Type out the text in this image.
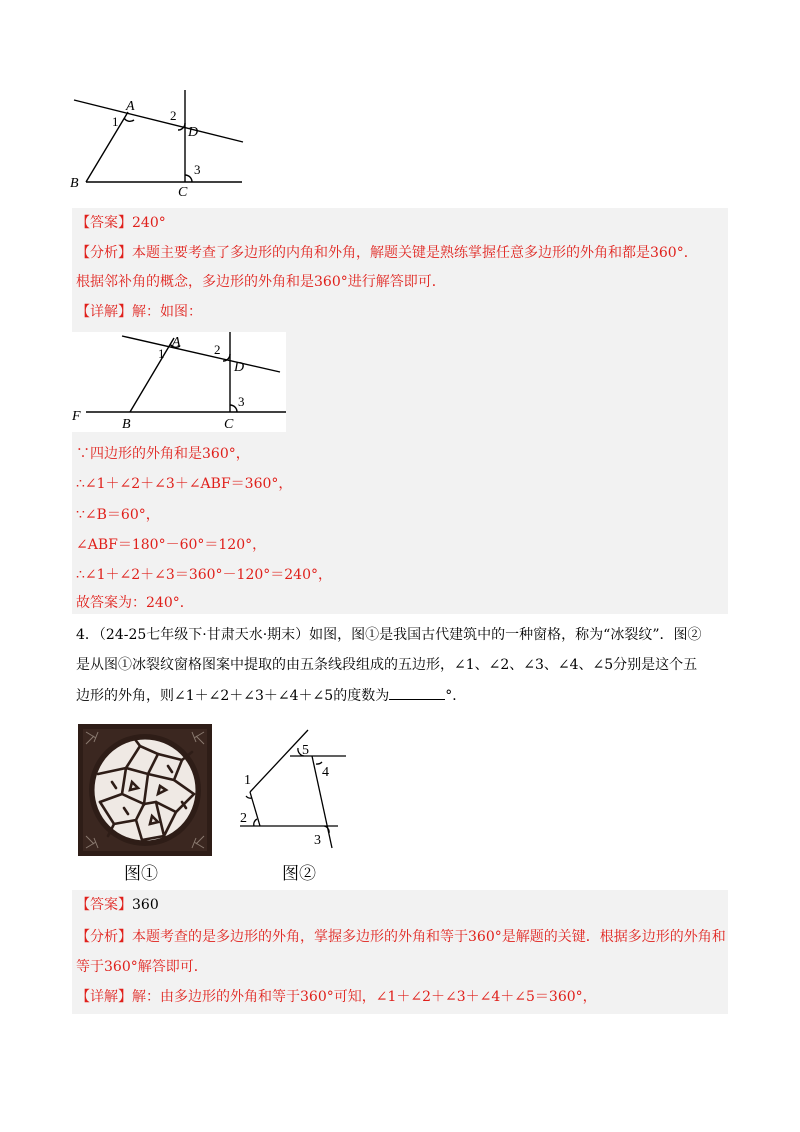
A
D
B
C
1	2
3
【答案】240°
【分析】 本题主要考查了多边形的内角和外角，解题关键是熟练掌握任意多边形的外角和都是360°．
根据邻补角的概念，多边形的外角和是360°进行解答即可．
【详解】解：如图：
A
D
F
B	C
1	2
3
∵四边形的外角和是360°，
∴∠1＋∠2＋∠3＋∠ABF＝360°，
∵∠B＝60°，
∠ABF＝180°－60°＝120°，
∴∠1＋∠2＋∠3＝360°－120°＝240°，
故答案为：240°．
4．（24-25七年级下·甘肃天水·期末）如图，图①是我国古代建筑中的一种窗格，称为“冰裂纹”．图②
是从图①冰裂纹窗格图案中提取的由五条线段组成的五边形，∠1、∠2、∠3、∠4、∠5分别是这个五
边形的外角，则∠1＋∠2＋∠3＋∠4＋∠5的度数为	°．
图①
5
4
1
2
3
图②
【答案】360
【分析】本题考查的是多边形的外角，掌握多边形的外角和等于360°是解题的关键．根据多边形的外角和
等于360°解答即可．
【详解】解：由多边形的外角和等于360°可知，∠1＋∠2＋∠3＋∠4＋∠5＝360°，
